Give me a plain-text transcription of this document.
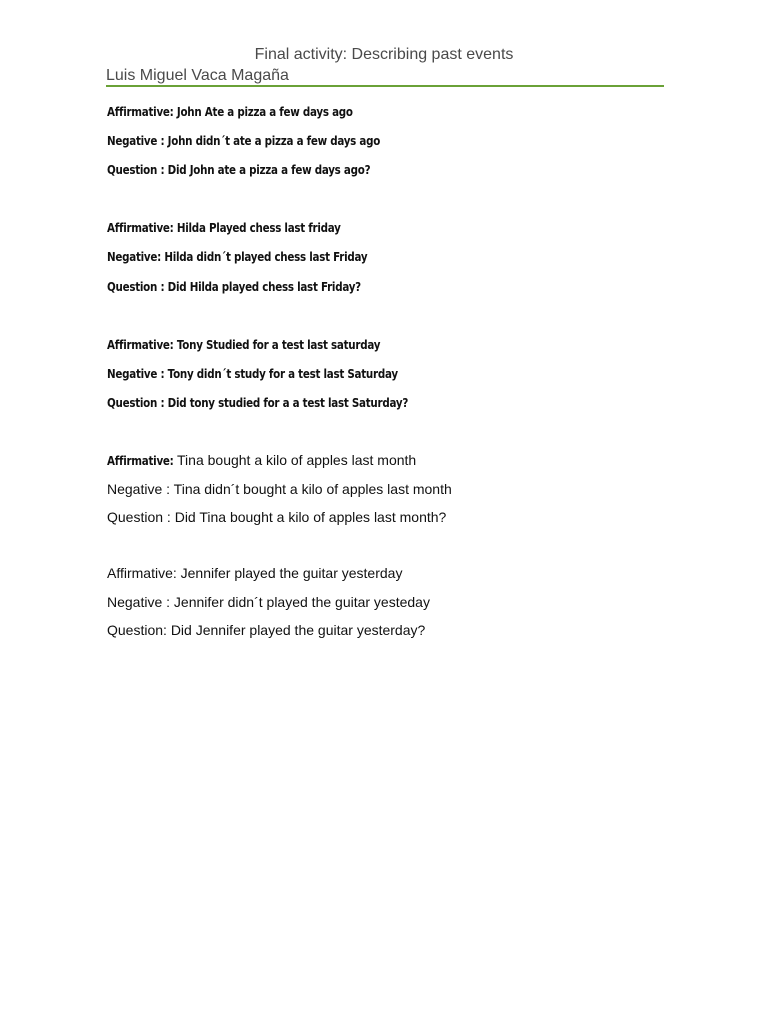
Final activity: Describing past events
Luis Miguel Vaca Magaña
Affirmative: John Ate a pizza a few days ago
Negative : John didn´t ate a pizza a few days ago
Question : Did John ate a pizza a few days ago?
Affirmative: Hilda Played chess last friday
Negative: Hilda didn´t played chess last Friday
Question : Did Hilda played chess last Friday?
Affirmative: Tony Studied for a test last saturday
Negative : Tony didn´t study for a test last Saturday
Question : Did tony studied for a a test last Saturday?
Affirmative: Tina bought a kilo of apples last month
Negative : Tina didn´t bought a kilo of apples last month
Question : Did Tina bought a kilo of apples last month?
Affirmative: Jennifer played the guitar yesterday
Negative : Jennifer didn´t played the guitar yesteday
Question: Did Jennifer played the guitar yesterday?
